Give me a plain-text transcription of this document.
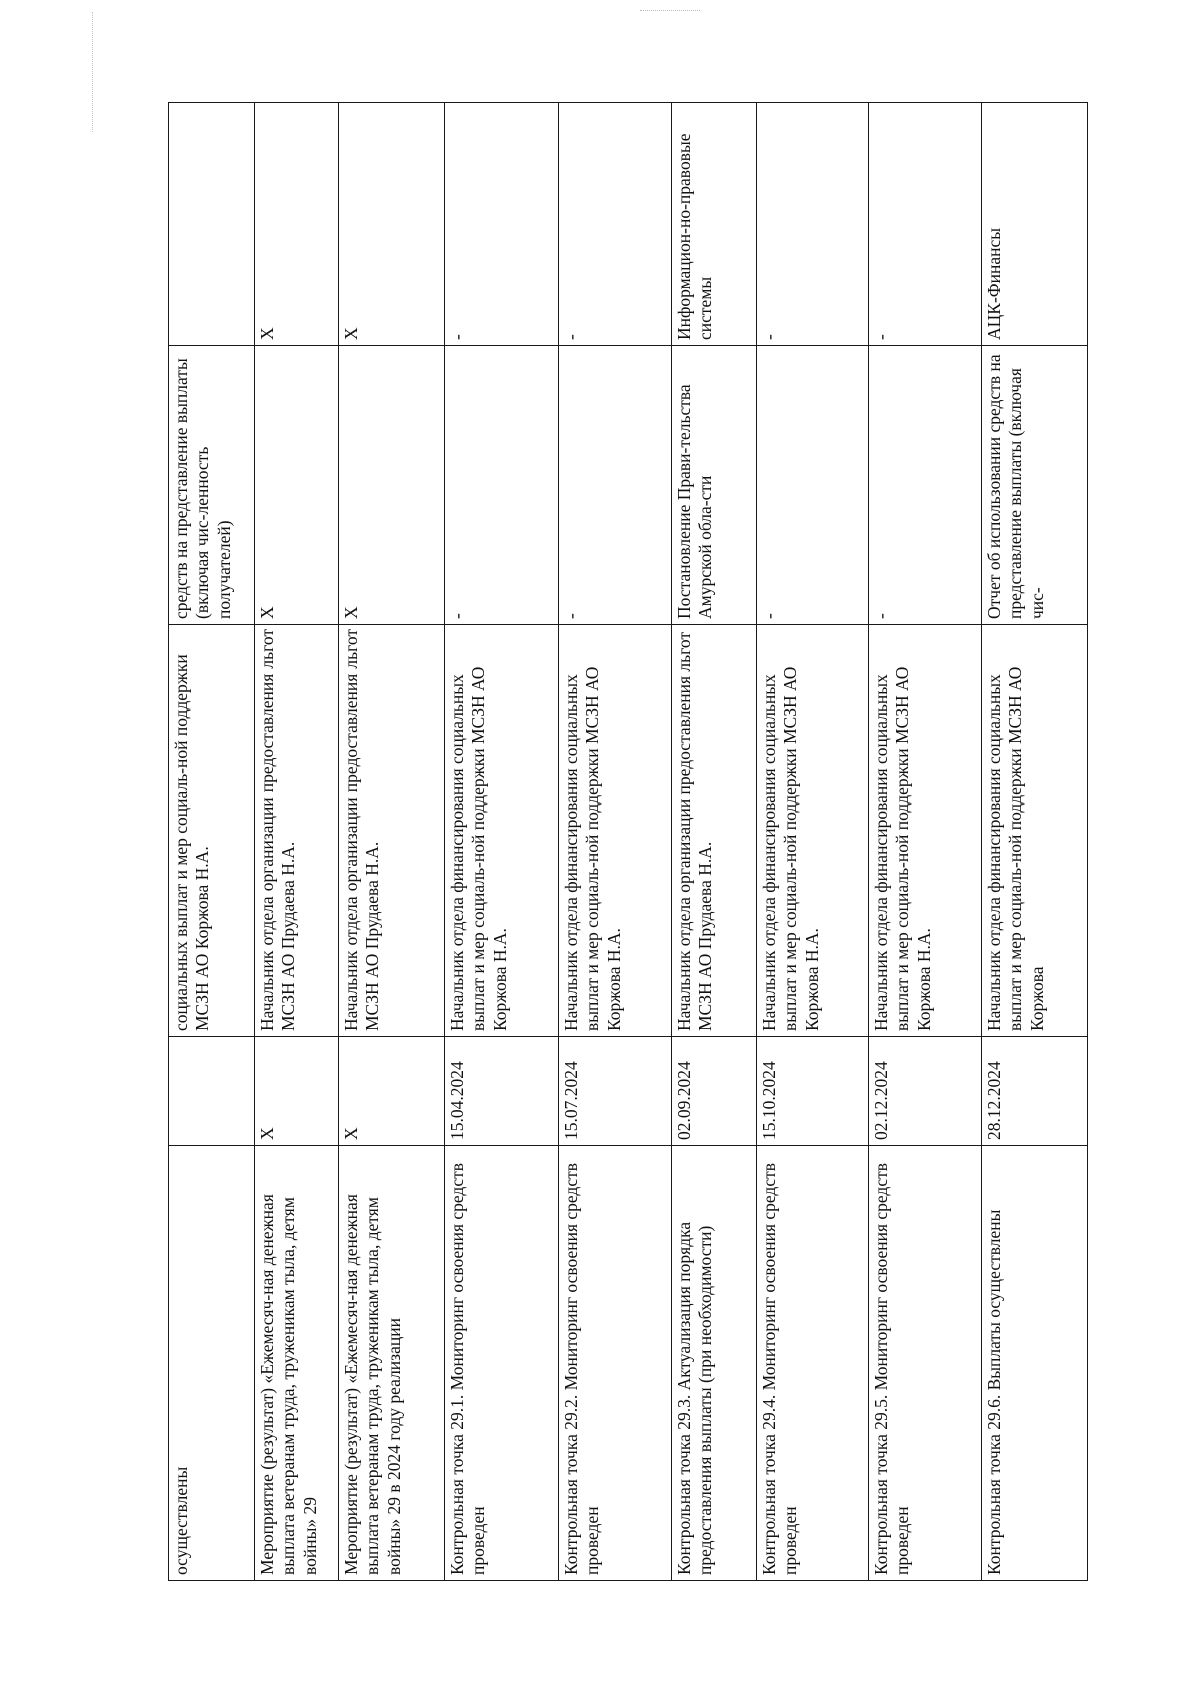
осуществлены		социальных выплат и мер социаль-ной поддержки МСЗН АО Коржова Н.А.	средств на представление выплаты (включая чис-ленность получателей)	
Мероприятие (результат) «Ежемесяч-ная денежная выплата ветеранам труда, труженикам тыла, детям войны» 29	X	Начальник отдела организации предоставления льгот МСЗН АО Прудаева Н.А.	X	X
Мероприятие (результат) «Ежемесяч-ная денежная выплата ветеранам труда, труженикам тыла, детям войны» 29 в 2024 году реализации	X	Начальник отдела организации предоставления льгот МСЗН АО Прудаева Н.А.	X	X
Контрольная точка 29.1. Мониторинг освоения средств проведен	15.04.2024	Начальник отдела финансирования социальных выплат и мер социаль-ной поддержки МСЗН АО Коржова Н.А.	-	-
Контрольная точка 29.2. Мониторинг освоения средств проведен	15.07.2024	Начальник отдела финансирования социальных выплат и мер социаль-ной поддержки МСЗН АО Коржова Н.А.	-	-
Контрольная точка 29.3. Актуализация порядка предоставления выплаты (при необходимости)	02.09.2024	Начальник отдела организации предоставления льгот МСЗН АО Прудаева Н.А.	Постановление Прави-тельства Амурской обла-сти	Информацион-но-правовые системы
Контрольная точка 29.4. Мониторинг освоения средств проведен	15.10.2024	Начальник отдела финансирования социальных выплат и мер социаль-ной поддержки МСЗН АО Коржова Н.А.	-	-
Контрольная точка 29.5. Мониторинг освоения средств проведен	02.12.2024	Начальник отдела финансирования социальных выплат и мер социаль-ной поддержки МСЗН АО Коржова Н.А.	-	-
Контрольная точка 29.6. Выплаты осуществлены	28.12.2024	Начальник отдела финансирования социальных выплат и мер социаль-ной поддержки МСЗН АО Коржова	Отчет об использовании средств на представление выплаты (включая чис-	АЦК-Финансы
